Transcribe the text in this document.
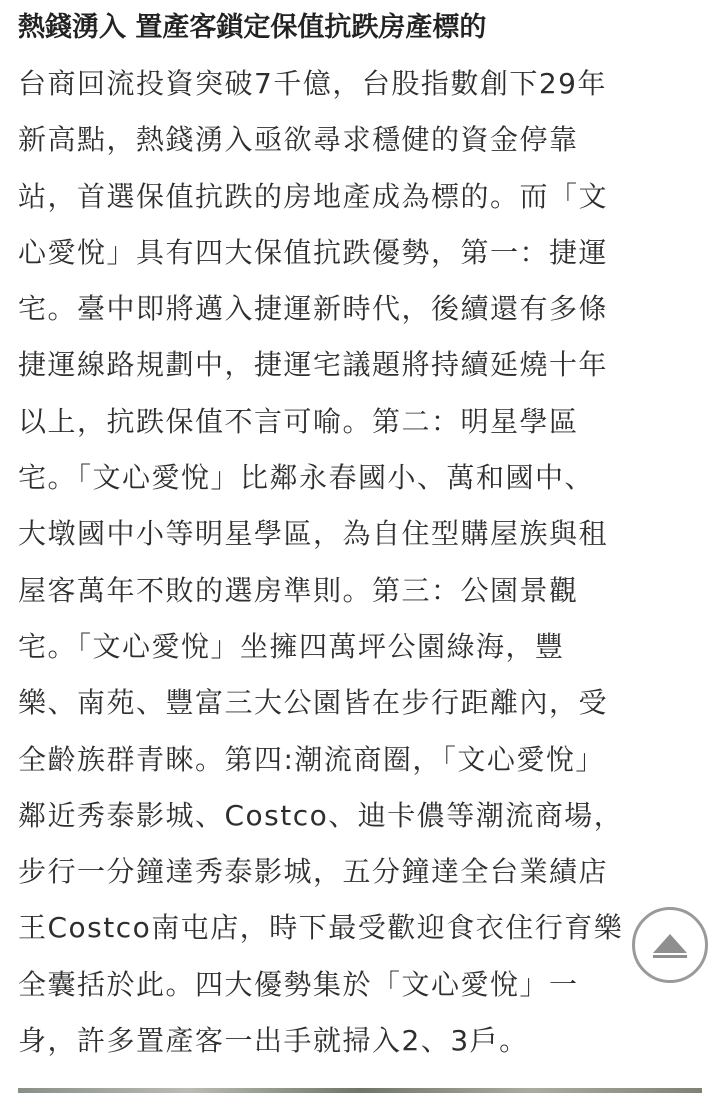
熱錢湧入 置產客鎖定保值抗跌房產標的
台商回流投資突破7千億，台股指數創下29年
新高點，熱錢湧入亟欲尋求穩健的資金停靠
站，首選保值抗跌的房地產成為標的。而「文
心愛悅」具有四大保值抗跌優勢，第一：捷運
宅。臺中即將邁入捷運新時代，後續還有多條
捷運線路規劃中，捷運宅議題將持續延燒十年
以上，抗跌保值不言可喻。第二：明星學區
宅。「文心愛悅」比鄰永春國小、萬和國中、
大墩國中小等明星學區，為自住型購屋族與租
屋客萬年不敗的選房準則。第三：公園景觀
宅。「文心愛悅」坐擁四萬坪公園綠海，豐
樂、南苑、豐富三大公園皆在步行距離內，受
全齡族群青睞。第四:潮流商圈，「文心愛悅」
鄰近秀泰影城、Costco、迪卡儂等潮流商場，
步行一分鐘達秀泰影城，五分鐘達全台業績店
王Costco南屯店，時下最受歡迎食衣住行育樂
全囊括於此。四大優勢集於「文心愛悅」一
身，許多置產客一出手就掃入2、3戶。
